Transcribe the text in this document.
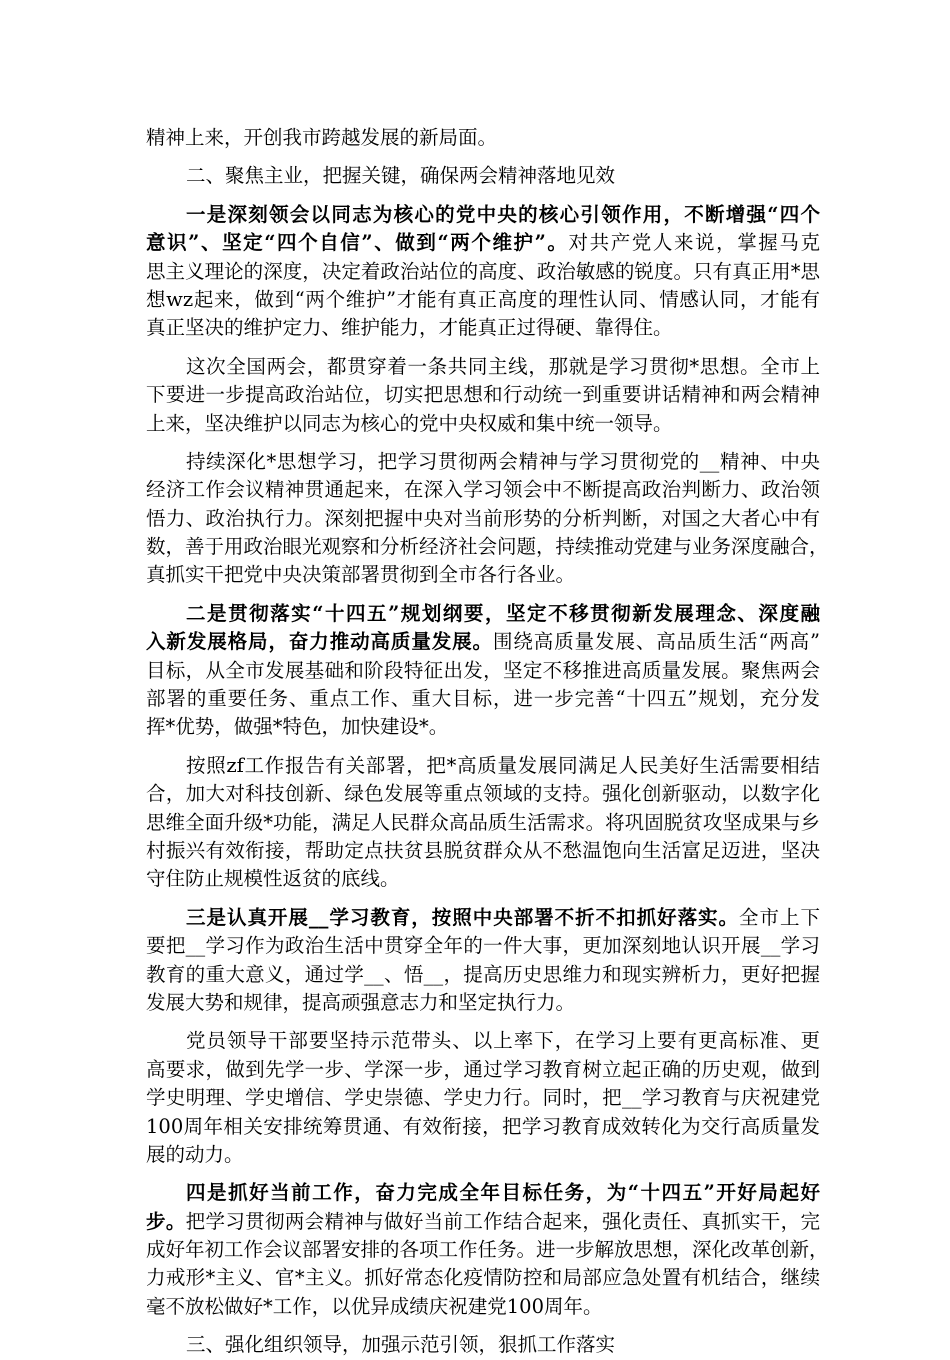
精神上来，开创我市跨越发展的新局面。
二、聚焦主业，把握关键，确保两会精神落地见效
一是深刻领会以同志为核心的党中央的核心引领作用，不断增强“四个
意识”、坚定“四个自信”、做到“两个维护”。对共产党人来说，掌握马克
思主义理论的深度，决定着政治站位的高度、政治敏感的锐度。只有真正用*思
想wz起来，做到“两个维护”才能有真正高度的理性认同、情感认同，才能有
真正坚决的维护定力、维护能力，才能真正过得硬、靠得住。
这次全国两会，都贯穿着一条共同主线，那就是学习贯彻*思想。全市上
下要进一步提高政治站位，切实把思想和行动统一到重要讲话精神和两会精神
上来，坚决维护以同志为核心的党中央权威和集中统一领导。
持续深化*思想学习，把学习贯彻两会精神与学习贯彻党的__精神、中央
经济工作会议精神贯通起来，在深入学习领会中不断提高政治判断力、政治领
悟力、政治执行力。深刻把握中央对当前形势的分析判断，对国之大者心中有
数，善于用政治眼光观察和分析经济社会问题，持续推动党建与业务深度融合，
真抓实干把党中央决策部署贯彻到全市各行各业。
二是贯彻落实“十四五”规划纲要，坚定不移贯彻新发展理念、深度融
入新发展格局，奋力推动高质量发展。围绕高质量发展、高品质生活“两高”
目标，从全市发展基础和阶段特征出发，坚定不移推进高质量发展。聚焦两会
部署的重要任务、重点工作、重大目标，进一步完善“十四五”规划，充分发
挥*优势，做强*特色，加快建设*。
按照zf工作报告有关部署，把*高质量发展同满足人民美好生活需要相结
合，加大对科技创新、绿色发展等重点领域的支持。强化创新驱动，以数字化
思维全面升级*功能，满足人民群众高品质生活需求。将巩固脱贫攻坚成果与乡
村振兴有效衔接，帮助定点扶贫县脱贫群众从不愁温饱向生活富足迈进，坚决
守住防止规模性返贫的底线。
三是认真开展__学习教育，按照中央部署不折不扣抓好落实。全市上下
要把__学习作为政治生活中贯穿全年的一件大事，更加深刻地认识开展__学习
教育的重大意义，通过学__、悟__，提高历史思维力和现实辨析力，更好把握
发展大势和规律，提高顽强意志力和坚定执行力。
党员领导干部要坚持示范带头、以上率下，在学习上要有更高标准、更
高要求，做到先学一步、学深一步，通过学习教育树立起正确的历史观，做到
学史明理、学史增信、学史崇德、学史力行。同时，把__学习教育与庆祝建党
100周年相关安排统筹贯通、有效衔接，把学习教育成效转化为交行高质量发
展的动力。
四是抓好当前工作，奋力完成全年目标任务，为“十四五”开好局起好
步。把学习贯彻两会精神与做好当前工作结合起来，强化责任、真抓实干，完
成好年初工作会议部署安排的各项工作任务。进一步解放思想，深化改革创新，
力戒形*主义、官*主义。抓好常态化疫情防控和局部应急处置有机结合，继续
毫不放松做好*工作，以优异成绩庆祝建党100周年。
三、强化组织领导，加强示范引领，狠抓工作落实
